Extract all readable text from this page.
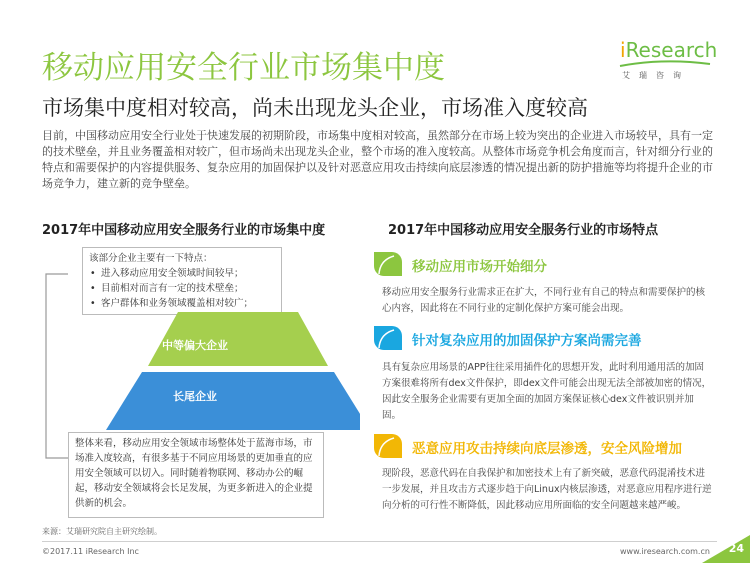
移动应用安全行业市场集中度	iResearch
艾瑞咨询
市场集中度相对较高，尚未出现龙头企业，市场准入度较高
目前，中国移动应用安全行业处于快速发展的初期阶段，市场集中度相对较高，虽然部分在市场上较为突出的企业进入市场较早，具有一定的技术壁垒，并且业务覆盖相对较广，但市场尚未出现龙头企业，整个市场的准入度较高。从整体市场竞争机会角度而言，针对细分行业的特点和需要保护的内容提供服务、复杂应用的加固保护以及针对恶意应用攻击持续向底层渗透的情况提出新的防护措施等均将提升企业的市场竞争力，建立新的竞争壁垒。
2017年中国移动应用安全服务行业的市场集中度
该部分企业主要有一下特点：
• 进入移动应用安全领域时间较早；
• 目前相对而言有一定的技术壁垒；
• 客户群体和业务领域覆盖相对较广；
中等偏大企业
长尾企业
整体来看，移动应用安全领域市场整体处于蓝海市场，市场准入度较高，有很多基于不同应用场景的更加垂直的应用安全领域可以切入。同时随着物联网、移动办公的崛起，移动安全领域将会长足发展，为更多新进入的企业提供新的机会。
来源：艾瑞研究院自主研究绘制。
2017年中国移动应用安全服务行业的市场特点
移动应用市场开始细分
移动应用安全服务行业需求正在扩大，不同行业有自己的特点和需要保护的核心内容，因此将在不同行业的定制化保护方案可能会出现。
针对复杂应用的加固保护方案尚需完善
具有复杂应用场景的APP往往采用插件化的思想开发，此时利用通用活的加固方案很难将所有dex文件保护，即dex文件可能会出现无法全部被加密的情况，因此安全服务企业需要有更加全面的加固方案保证核心dex文件被识别并加固。
恶意应用攻击持续向底层渗透，安全风险增加
现阶段，恶意代码在自我保护和加密技术上有了新突破，恶意代码混淆技术进一步发展，并且攻击方式逐步趋于向Linux内核层渗透，对恶意应用程序进行逆向分析的可行性不断降低，因此移动应用所面临的安全问题越来越严峻。
©2017.11 iResearch Inc	www.iresearch.com.cn 24
